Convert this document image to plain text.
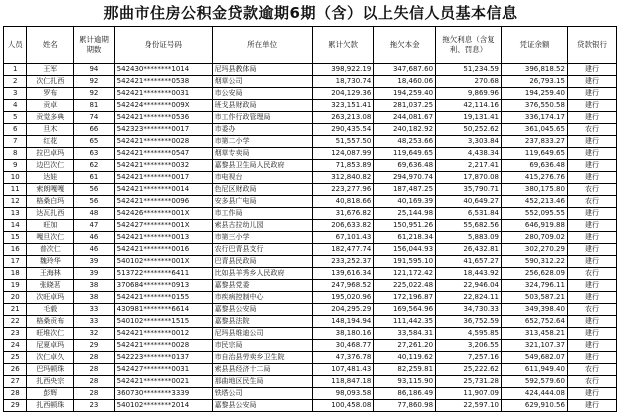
那曲市住房公积金贷款逾期6期（含）以上失信人员基本信息
人员	姓名	累计逾期期数	身份证号码	所在单位	累计欠款	拖欠本金	拖欠利息（含复利、罚息）	凭证余额	贷款银行
1	王军	94	542430********1014	尼玛县教体局	398,922.19	347,687.60	51,234.59	396,818.52	建行
2	次仁扎西	92	542421********0538	烟草公司	18,730.74	18,460.06	270.68	26,793.15	建行
3	罗布	92	542421********0031	市公安局	204,129.36	194,259.40	9,869.96	194,259.40	建行
4	贡卓	81	542424********009X	班戈县财政局	323,151.41	281,037.25	42,114.16	376,550.58	建行
5	贡觉多典	74	542421********0536	市工作行政管理局	263,213.08	244,081.67	19,131.41	336,174.17	建行
6	旦木	66	542323********0017	市委办	290,435.54	240,182.92	50,252.62	361,045.65	农行
7	红花	65	542421********0028	市第二小学	51,557.50	48,253.66	3,303.84	237,833.27	建行
8	拉巴卓玛	63	542421********0547	烟草专卖局	124,087.99	119,649.65	4,438.34	119,649.65	建行
9	边巴次仁	62	542421********0032	嘉黎县卫生局人民政府	71,853.89	69,636.48	2,217.41	69,636.48	建行
10	达娃	61	542421********0017	市电视台	312,840.82	294,970.74	17,870.08	415,276.76	建行
11	索朗嘎嘎	56	542421********0014	色尼区财政局	223,277.96	187,487.25	35,790.71	380,175.80	农行
12	格桑白玛	56	542421********0096	安多县广电局	40,818.66	40,169.39	40,649.27	452,213.46	农行
13	达瓦扎西	48	542426********001X	市工作局	31,676.82	25,144.98	6,531.84	552,095.55	建行
14	旺加	47	542427********001X	索县古拉幼儿园	206,633.82	150,951.26	55,682.56	646,919.88	建行
15	嘎旦次仁	46	542421********0013	市第三小学	67,101.43	61,218.34	5,883.09	280,709.02	建行
16	普次仁	46	542421********0016	农行巴青县支行	182,477.74	156,044.93	26,432.81	302,270.29	建行
17	魏玲华	39	540102********001X	巴青县民政局	233,252.37	191,595.10	41,657.27	590,312.22	建行
18	王海林	39	513722********6411	比如县羊秀乡人民政府	139,616.34	121,172.42	18,443.92	256,628.09	农行
19	张晓茗	38	370684********0913	嘉黎县党委	247,968.52	225,022.48	22,946.04	324,796.11	建行
20	次旺卓玛	38	542421********0155	市疾病控制中心	195,020.96	172,196.87	22,824.11	503,587.21	建行
21	毛毅	33	430981********6614	嘉黎县公安局	204,295.29	169,564.96	34,730.33	349,398.40	农行
22	格桑贡布	33	540102********1515	嘉黎县法院	148,194.94	111,442.35	36,752.59	652,752.64	建行
23	旺堆次仁	32	542421********0012	尼玛县维迪公司	38,180.16	33,584.31	4,595.85	313,458.21	建行
24	尼夏卓玛	29	542421********0028	市民宗局	30,468.77	27,261.20	3,206.55	321,107.37	建行
25	次仁卓久	28	542223********0137	市自治县劳卖乡卫生院	47,376.78	40,119.62	7,257.16	549,682.07	建行
26	巴玛顿珠	28	542427********0031	索县县经济十二局	107,481.43	82,259.81	25,222.62	611,949.40	农行
27	扎西央宗	28	542421********0021	那曲地区民生局	118,847.18	93,115.90	25,731.28	592,579.60	农行
28	彭辉	28	360730********3339	铁塔公司	98,093.58	86,186.49	11,907.09	424,444.08	建行
29	扎西顿珠	23	540102********2014	嘉黎县公安局	100,458.08	77,860.98	22,597.10	629,910.56	建行
